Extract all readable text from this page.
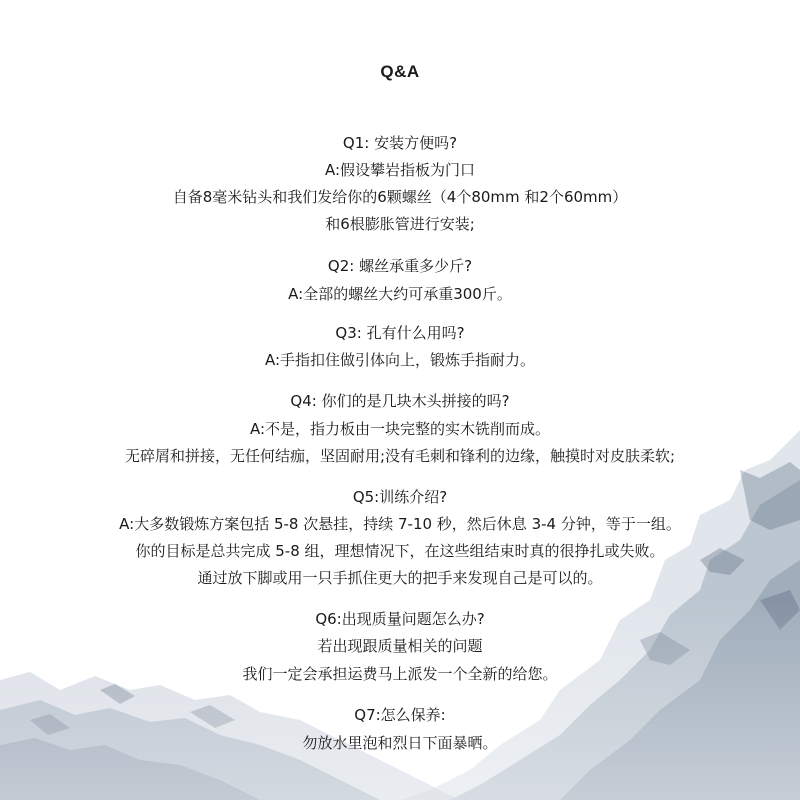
Q&A
Q1: 安装方便吗?
A:假设攀岩指板为门口
自备8毫米钻头和我们发给你的6颗螺丝（4个80mm 和2个60mm）
和6根膨胀管进行安装;
Q2: 螺丝承重多少斤?
A:全部的螺丝大约可承重300斤。
Q3: 孔有什么用吗?
A:手指扣住做引体向上，锻炼手指耐力。
Q4: 你们的是几块木头拼接的吗?
A:不是，指力板由一块完整的实木铣削而成。
无碎屑和拼接，无任何结痂，坚固耐用;没有毛刺和锋利的边缘，触摸时对皮肤柔软;
Q5:训练介绍?
A:大多数锻炼方案包括 5-8 次悬挂，持续 7-10 秒，然后休息 3-4 分钟，等于一组。
你的目标是总共完成 5-8 组，理想情况下，在这些组结束时真的很挣扎或失败。
通过放下脚或用一只手抓住更大的把手来发现自己是可以的。
Q6:出现质量问题怎么办?
若出现跟质量相关的问题
我们一定会承担运费马上派发一个全新的给您。
Q7:怎么保养:
勿放水里泡和烈日下面暴晒。
